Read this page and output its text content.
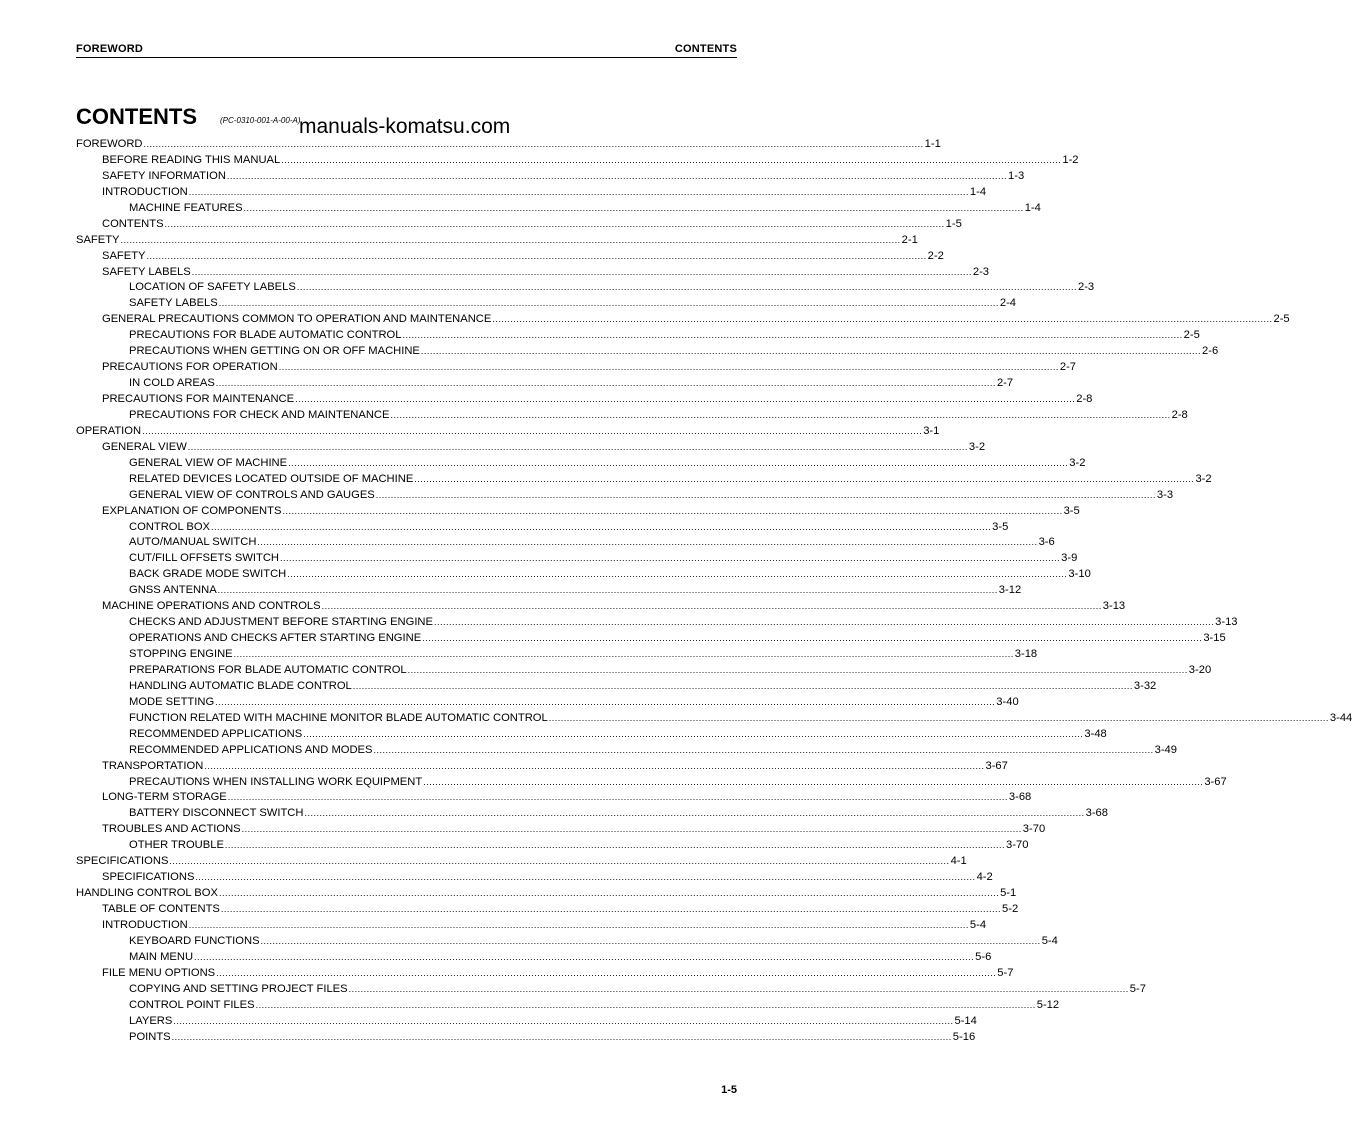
FOREWORD	CONTENTS
CONTENTS	(PC-0310-001-A-00-A)
manuals-komatsu.com
FOREWORD .................................................................................................................................................................................................................................................................... 1-1
BEFORE READING THIS MANUAL .................................................................................................................................................................................................................................................................... 1-2
SAFETY INFORMATION .................................................................................................................................................................................................................................................................... 1-3
INTRODUCTION .................................................................................................................................................................................................................................................................... 1-4
MACHINE FEATURES .................................................................................................................................................................................................................................................................... 1-4
CONTENTS .................................................................................................................................................................................................................................................................... 1-5
SAFETY .................................................................................................................................................................................................................................................................... 2-1
SAFETY .................................................................................................................................................................................................................................................................... 2-2
SAFETY LABELS .................................................................................................................................................................................................................................................................... 2-3
LOCATION OF SAFETY LABELS .................................................................................................................................................................................................................................................................... 2-3
SAFETY LABELS .................................................................................................................................................................................................................................................................... 2-4
GENERAL PRECAUTIONS COMMON TO OPERATION AND MAINTENANCE .................................................................................................................................................................................................................................................................... 2-5
PRECAUTIONS FOR BLADE AUTOMATIC CONTROL .................................................................................................................................................................................................................................................................... 2-5
PRECAUTIONS WHEN GETTING ON OR OFF MACHINE .................................................................................................................................................................................................................................................................... 2-6
PRECAUTIONS FOR OPERATION .................................................................................................................................................................................................................................................................... 2-7
IN COLD AREAS .................................................................................................................................................................................................................................................................... 2-7
PRECAUTIONS FOR MAINTENANCE .................................................................................................................................................................................................................................................................... 2-8
PRECAUTIONS FOR CHECK AND MAINTENANCE .................................................................................................................................................................................................................................................................... 2-8
OPERATION .................................................................................................................................................................................................................................................................... 3-1
GENERAL VIEW .................................................................................................................................................................................................................................................................... 3-2
GENERAL VIEW OF MACHINE .................................................................................................................................................................................................................................................................... 3-2
RELATED DEVICES LOCATED OUTSIDE OF MACHINE .................................................................................................................................................................................................................................................................... 3-2
GENERAL VIEW OF CONTROLS AND GAUGES .................................................................................................................................................................................................................................................................... 3-3
EXPLANATION OF COMPONENTS .................................................................................................................................................................................................................................................................... 3-5
CONTROL BOX .................................................................................................................................................................................................................................................................... 3-5
AUTO/MANUAL SWITCH .................................................................................................................................................................................................................................................................... 3-6
CUT/FILL OFFSETS SWITCH .................................................................................................................................................................................................................................................................... 3-9
BACK GRADE MODE SWITCH .................................................................................................................................................................................................................................................................... 3-10
GNSS ANTENNA .................................................................................................................................................................................................................................................................... 3-12
MACHINE OPERATIONS AND CONTROLS .................................................................................................................................................................................................................................................................... 3-13
CHECKS AND ADJUSTMENT BEFORE STARTING ENGINE .................................................................................................................................................................................................................................................................... 3-13
OPERATIONS AND CHECKS AFTER STARTING ENGINE .................................................................................................................................................................................................................................................................... 3-15
STOPPING ENGINE .................................................................................................................................................................................................................................................................... 3-18
PREPARATIONS FOR BLADE AUTOMATIC CONTROL .................................................................................................................................................................................................................................................................... 3-20
HANDLING AUTOMATIC BLADE CONTROL .................................................................................................................................................................................................................................................................... 3-32
MODE SETTING .................................................................................................................................................................................................................................................................... 3-40
FUNCTION RELATED WITH MACHINE MONITOR BLADE AUTOMATIC CONTROL .................................................................................................................................................................................................................................................................... 3-44
RECOMMENDED APPLICATIONS .................................................................................................................................................................................................................................................................... 3-48
RECOMMENDED APPLICATIONS AND MODES .................................................................................................................................................................................................................................................................... 3-49
TRANSPORTATION .................................................................................................................................................................................................................................................................... 3-67
PRECAUTIONS WHEN INSTALLING WORK EQUIPMENT .................................................................................................................................................................................................................................................................... 3-67
LONG-TERM STORAGE .................................................................................................................................................................................................................................................................... 3-68
BATTERY DISCONNECT SWITCH .................................................................................................................................................................................................................................................................... 3-68
TROUBLES AND ACTIONS .................................................................................................................................................................................................................................................................... 3-70
OTHER TROUBLE .................................................................................................................................................................................................................................................................... 3-70
SPECIFICATIONS .................................................................................................................................................................................................................................................................... 4-1
SPECIFICATIONS .................................................................................................................................................................................................................................................................... 4-2
HANDLING CONTROL BOX .................................................................................................................................................................................................................................................................... 5-1
TABLE OF CONTENTS .................................................................................................................................................................................................................................................................... 5-2
INTRODUCTION .................................................................................................................................................................................................................................................................... 5-4
KEYBOARD FUNCTIONS .................................................................................................................................................................................................................................................................... 5-4
MAIN MENU .................................................................................................................................................................................................................................................................... 5-6
FILE MENU OPTIONS .................................................................................................................................................................................................................................................................... 5-7
COPYING AND SETTING PROJECT FILES .................................................................................................................................................................................................................................................................... 5-7
CONTROL POINT FILES .................................................................................................................................................................................................................................................................... 5-12
LAYERS .................................................................................................................................................................................................................................................................... 5-14
POINTS .................................................................................................................................................................................................................................................................... 5-16
1-5
